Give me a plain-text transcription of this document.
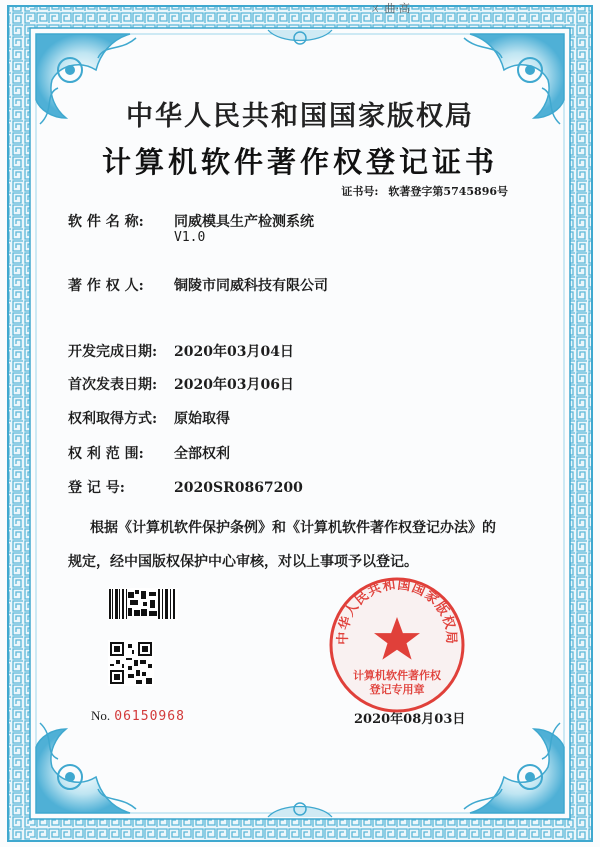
ㄨ 曲·高
中华人民共和国国家版权局
计算机软件著作权登记证书
证书号: 软著登字第5745896号
软 件 名 称: 同威模具生产检测系统
V1.0
著 作 权 人: 铜陵市同威科技有限公司
开发完成日期: 2020年03月04日
首次发表日期: 2020年03月06日
权利取得方式: 原始取得
权 利 范 围: 全部权利
登 记 号:	2020SR0867200
根据《计算机软件保护条例》和《计算机软件著作权登记办法》的
规定，经中国版权保护中心审核，对以上事项予以登记。
No. 06150968	2020年08月03日
中华人民共和国国家版权局
计算机软件著作权
登记专用章
